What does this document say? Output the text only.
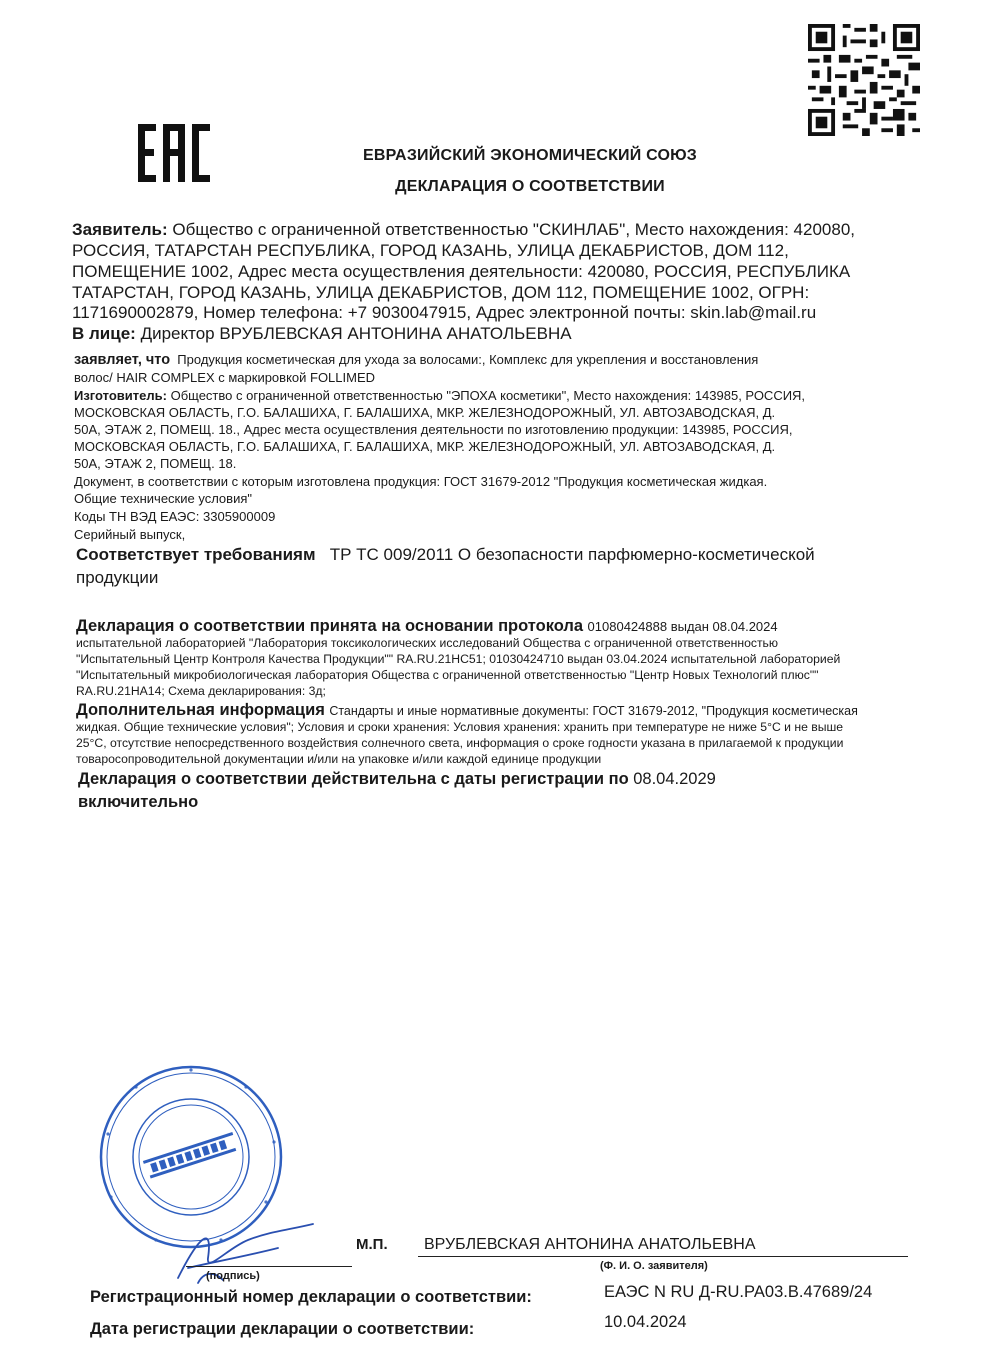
ЕВРАЗИЙСКИЙ ЭКОНОМИЧЕСКИЙ СОЮЗ
ДЕКЛАРАЦИЯ О СООТВЕТСТВИИ
Заявитель: Общество с ограниченной ответственностью "СКИНЛАБ", Место нахождения: 420080,
РОССИЯ, ТАТАРСТАН РЕСПУБЛИКА, ГОРОД КАЗАНЬ, УЛИЦА ДЕКАБРИСТОВ, ДОМ 112,
ПОМЕЩЕНИЕ 1002, Адрес места осуществления деятельности: 420080, РОССИЯ, РЕСПУБЛИКА
ТАТАРСТАН, ГОРОД КАЗАНЬ, УЛИЦА ДЕКАБРИСТОВ, ДОМ 112, ПОМЕЩЕНИЕ 1002, ОГРН:
1171690002879, Номер телефона: +7 9030047915, Адрес электронной почты: skin.lab@mail.ru
В лице: Директор ВРУБЛЕВСКАЯ АНТОНИНА АНАТОЛЬЕВНА
заявляет, что Продукция косметическая для ухода за волосами:, Комплекс для укрепления и восстановления
волос/ HAIR COMPLEX с маркировкой FOLLIMED
Изготовитель: Общество с ограниченной ответственностью "ЭПОХА косметики", Место нахождения: 143985, РОССИЯ,
МОСКОВСКАЯ ОБЛАСТЬ, Г.О. БАЛАШИХА, Г. БАЛАШИХА, МКР. ЖЕЛЕЗНОДОРОЖНЫЙ, УЛ. АВТОЗАВОДСКАЯ, Д.
50А, ЭТАЖ 2, ПОМЕЩ. 18., Адрес места осуществления деятельности по изготовлению продукции: 143985, РОССИЯ,
МОСКОВСКАЯ ОБЛАСТЬ, Г.О. БАЛАШИХА, Г. БАЛАШИХА, МКР. ЖЕЛЕЗНОДОРОЖНЫЙ, УЛ. АВТОЗАВОДСКАЯ, Д.
50А, ЭТАЖ 2, ПОМЕЩ. 18.
Документ, в соответствии с которым изготовлена продукция: ГОСТ 31679-2012 "Продукция косметическая жидкая.
Общие технические условия"
Коды ТН ВЭД ЕАЭС: 3305900009
Серийный выпуск,
Соответствует требованиям ТР ТС 009/2011 О безопасности парфюмерно-косметической
продукции
Декларация о соответствии принята на основании протокола 01080424888 выдан 08.04.2024
испытательной лабораторией "Лаборатория токсикологических исследований Общества с ограниченной ответственностью
"Испытательный Центр Контроля Качества Продукции"" RA.RU.21НС51; 01030424710 выдан 03.04.2024 испытательной лабораторией
"Испытательный микробиологическая лаборатория Общества с ограниченной ответственностью "Центр Новых Технологий плюс""
RA.RU.21НА14; Схема декларирования: 3д;
Дополнительная информация Стандарты и иные нормативные документы: ГОСТ 31679-2012, "Продукция косметическая
жидкая. Общие технические условия"; Условия и сроки хранения: Условия хранения: хранить при температуре не ниже 5°С и не выше
25°С, отсутствие непосредственного воздействия солнечного света, информация о сроке годности указана в прилагаемой к продукции
товаросопроводительной документации и/или на упаковке и/или каждой единице продукции
Декларация о соответствии действительна с даты регистрации по 08.04.2029
включительно
М.П. ВРУБЛЕВСКАЯ АНТОНИНА АНАТОЛЬЕВНА
(подпись)
(Ф. И. О. заявителя)
Регистрационный номер декларации о соответствии:	ЕАЭС N RU Д-RU.РА03.В.47689/24
Дата регистрации декларации о соответствии:	10.04.2024
